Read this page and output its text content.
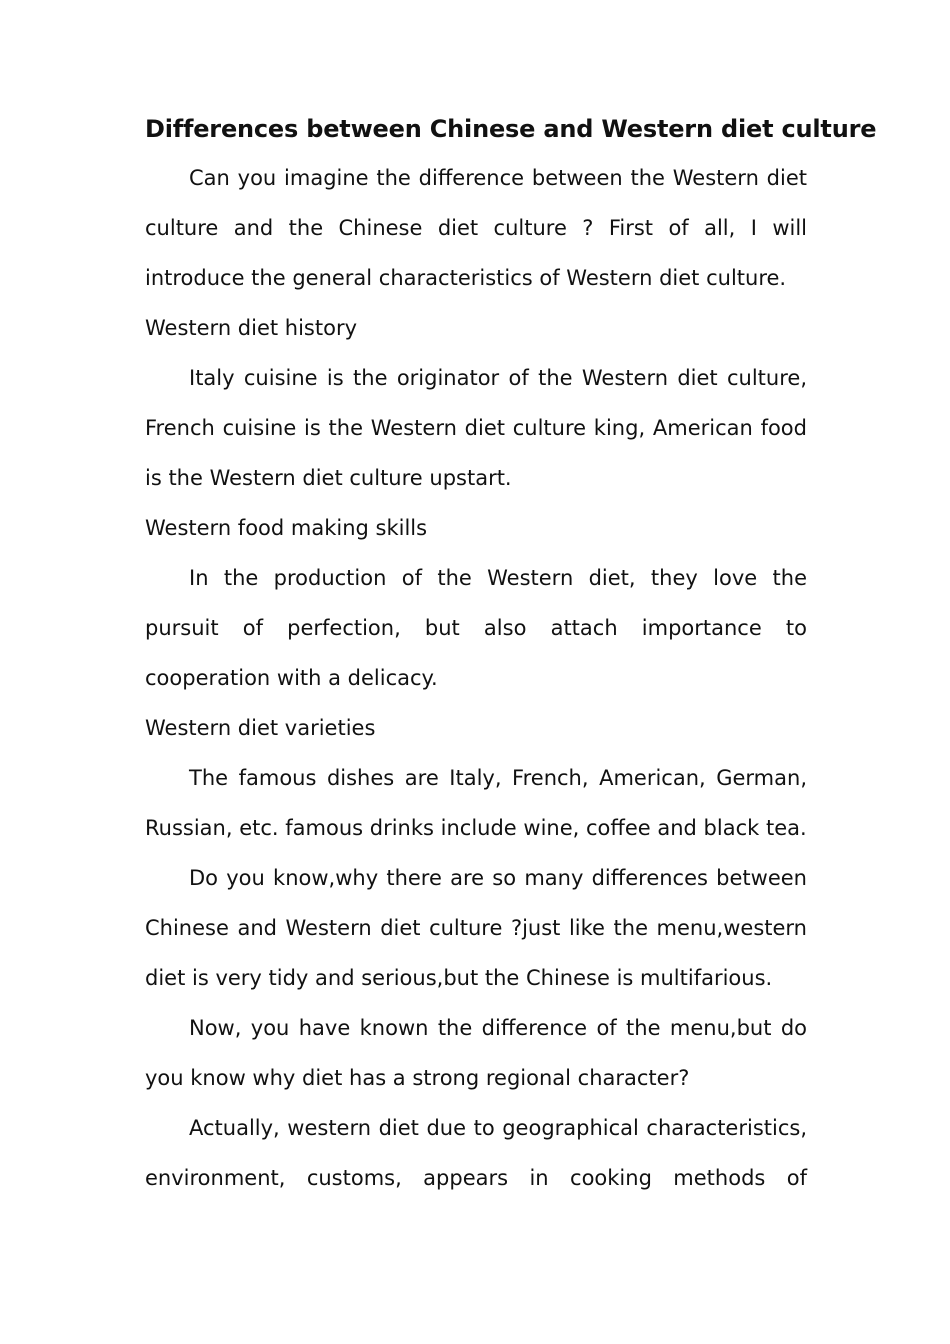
Differences between Chinese and Western diet culture

Can you imagine the difference between the Western diet culture and the Chinese diet culture ? First of all, I will introduce the general characteristics of Western diet culture.

Western diet history

Italy cuisine is the originator of the Western diet culture, French cuisine is the Western diet culture king, American food is the Western diet culture upstart.

Western food making skills

In the production of the Western diet, they love the pursuit of perfection, but also attach importance to cooperation with a delicacy.

Western diet varieties

The famous dishes are Italy, French, American, German, Russian, etc. famous drinks include wine, coffee and black tea.

Do you know,why there are so many differences between Chinese and Western diet culture ?just like the menu,western diet is very tidy and serious,but the Chinese is multifarious.

Now, you have known the difference of the menu,but do you know why diet has a strong regional character?

Actually, western diet due to geographical characteristics, environment, customs, appears in cooking methods of
